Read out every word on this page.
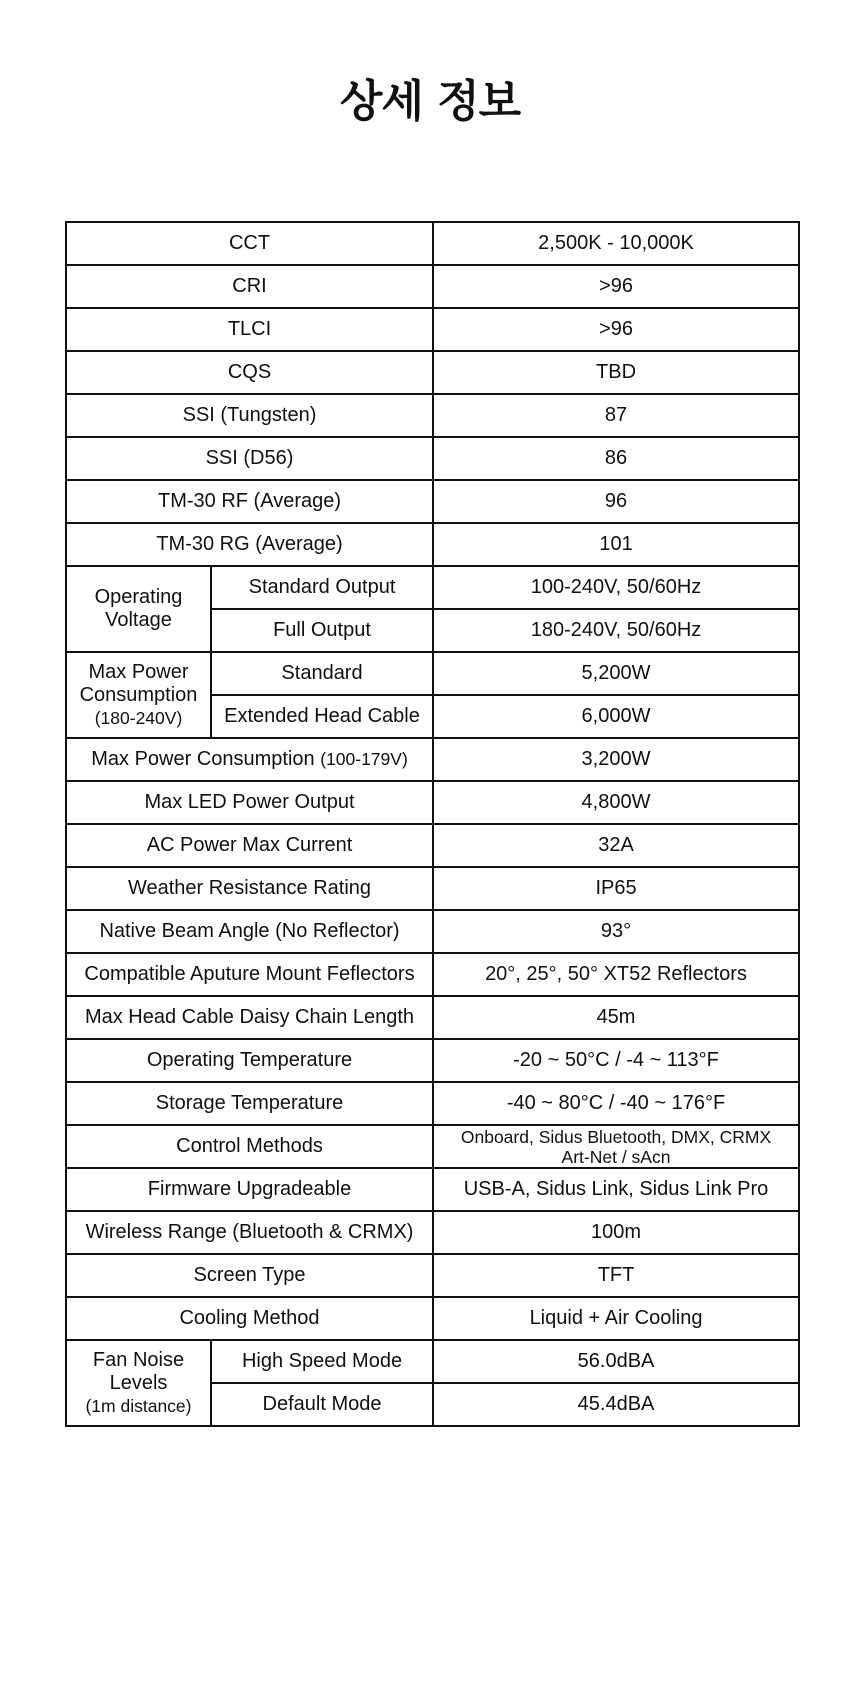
상세 정보
CCT		2,500K - 10,000K
CRI		>96
TLCI		>96
CQS		TBD
SSI (Tungsten)		87
SSI (D56)		86
TM-30 RF (Average)		96
TM-30 RG (Average)		101
Operating
Voltage	Standard Output	100-240V, 50/60Hz
	Full Output	180-240V, 50/60Hz
Max Power
Consumption
(180-240V)	Standard	5,200W
	Extended Head Cable	6,000W
Max Power Consumption (100-179V)		3,200W
Max LED Power Output		4,800W
AC Power Max Current		32A
Weather Resistance Rating		IP65
Native Beam Angle (No Reflector)		93°
Compatible Aputure Mount Feflectors		20°, 25°, 50° XT52 Reflectors
Max Head Cable Daisy Chain Length		45m
Operating Temperature		-20 ~ 50°C / -4 ~ 113°F
Storage Temperature		-40 ~ 80°C / -40 ~ 176°F
Control Methods		Onboard, Sidus Bluetooth, DMX, CRMX
Art-Net / sAcn
Firmware Upgradeable		USB-A, Sidus Link, Sidus Link Pro
Wireless Range (Bluetooth & CRMX)		100m
Screen Type		TFT
Cooling Method		Liquid + Air Cooling
Fan Noise
Levels
(1m distance)	High Speed Mode	56.0dBA
	Default Mode	45.4dBA
